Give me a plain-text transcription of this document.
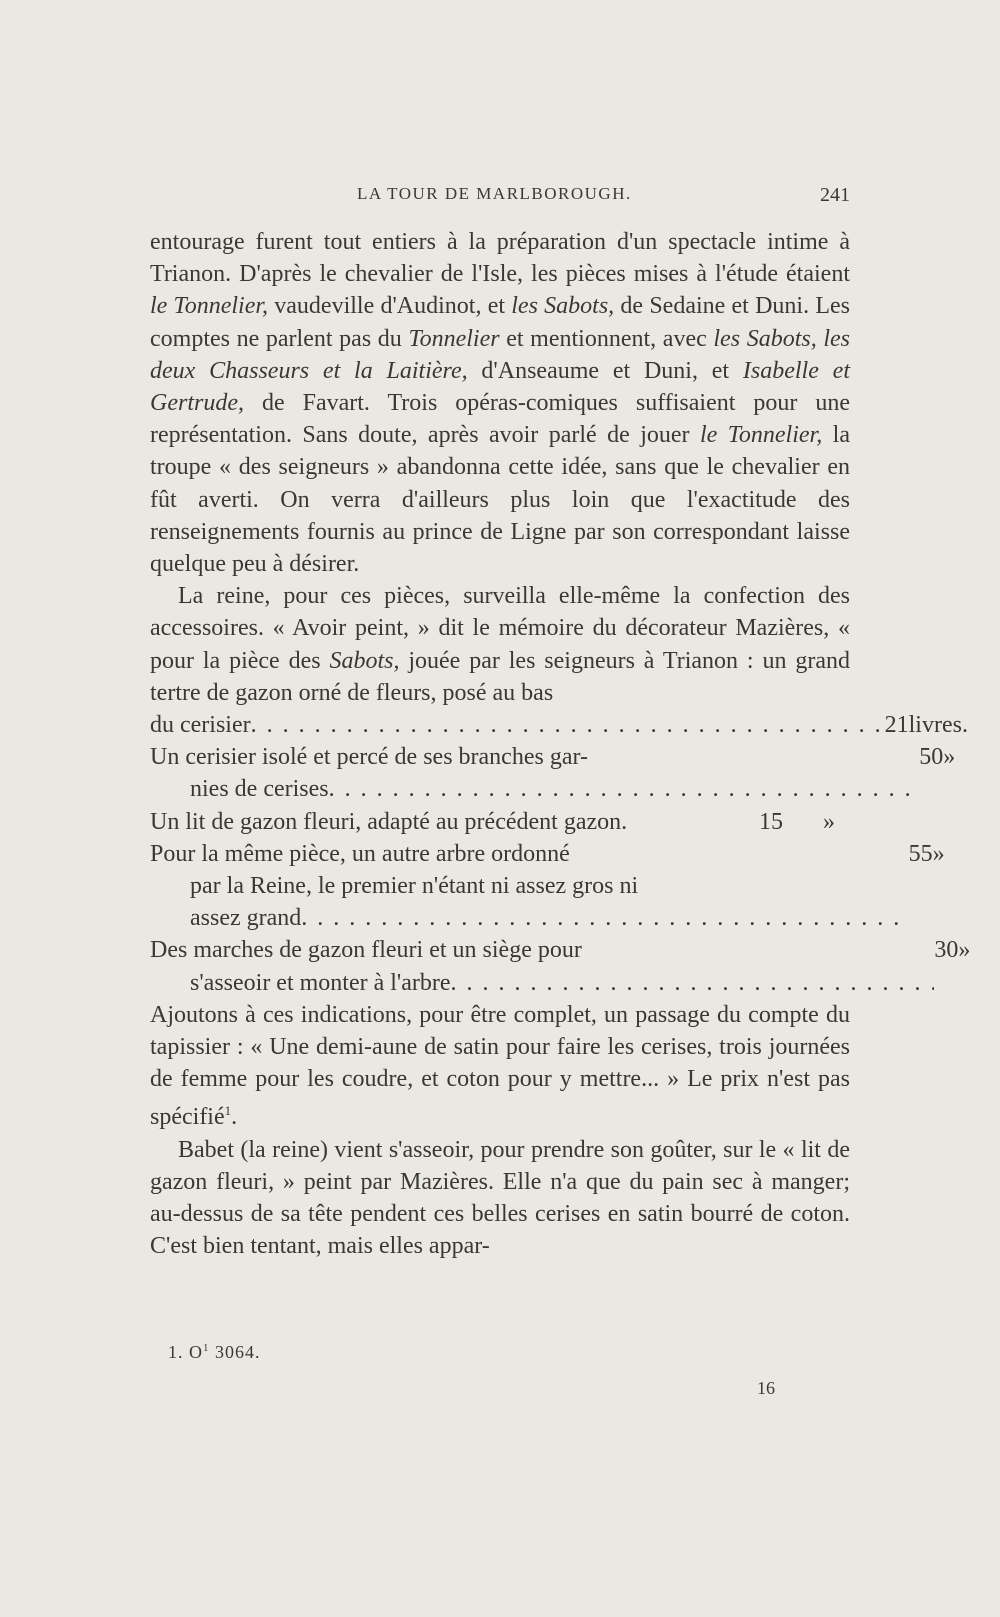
LA TOUR DE MARLBOROUGH.	241

entourage furent tout entiers à la préparation d'un spectacle intime à Trianon. D'après le chevalier de l'Isle, les pièces mises à l'étude étaient le Tonnelier, vaudeville d'Audinot, et les Sabots, de Sedaine et Duni. Les comptes ne parlent pas du Tonnelier et mentionnent, avec les Sabots, les deux Chasseurs et la Laitière, d'Anseaume et Duni, et Isabelle et Gertrude, de Favart. Trois opéras-comiques suffisaient pour une représentation. Sans doute, après avoir parlé de jouer le Tonnelier, la troupe « des seigneurs » abandonna cette idée, sans que le chevalier en fût averti. On verra d'ailleurs plus loin que l'exactitude des renseignements fournis au prince de Ligne par son correspondant laisse quelque peu à désirer.

La reine, pour ces pièces, surveilla elle-même la confection des accessoires. « Avoir peint, » dit le mémoire du décorateur Mazières, « pour la pièce des Sabots, jouée par les seigneurs à Trianon : un grand tertre de gazon orné de fleurs, posé au bas

du cerisier
. . .	21 livres.
Un cerisier isolé et percé de ses branches gar-
nies de cerises
. . .
50 »
Un lit de gazon fleuri, adapté au précédent gazon.	15	»
Pour la même pièce, un autre arbre ordonné
par la Reine, le premier n'étant ni assez gros ni
assez grand
. . .
55 »
Des marches de gazon fleuri et un siège pour
s'asseoir et monter à l'arbre
. . .
30 »

Ajoutons à ces indications, pour être complet, un passage du compte du tapissier : « Une demi-aune de satin pour faire les cerises, trois journées de femme pour les coudre, et coton pour y mettre... » Le prix n'est pas spécifié$^1$.

Babet (la reine) vient s'asseoir, pour prendre son goûter, sur le « lit de gazon fleuri, » peint par Mazières. Elle n'a que du pain sec à manger; au-dessus de sa tête pendent ces belles cerises en satin bourré de coton. C'est bien tentant, mais elles appar-

1. $O^1$ 3064.
16
